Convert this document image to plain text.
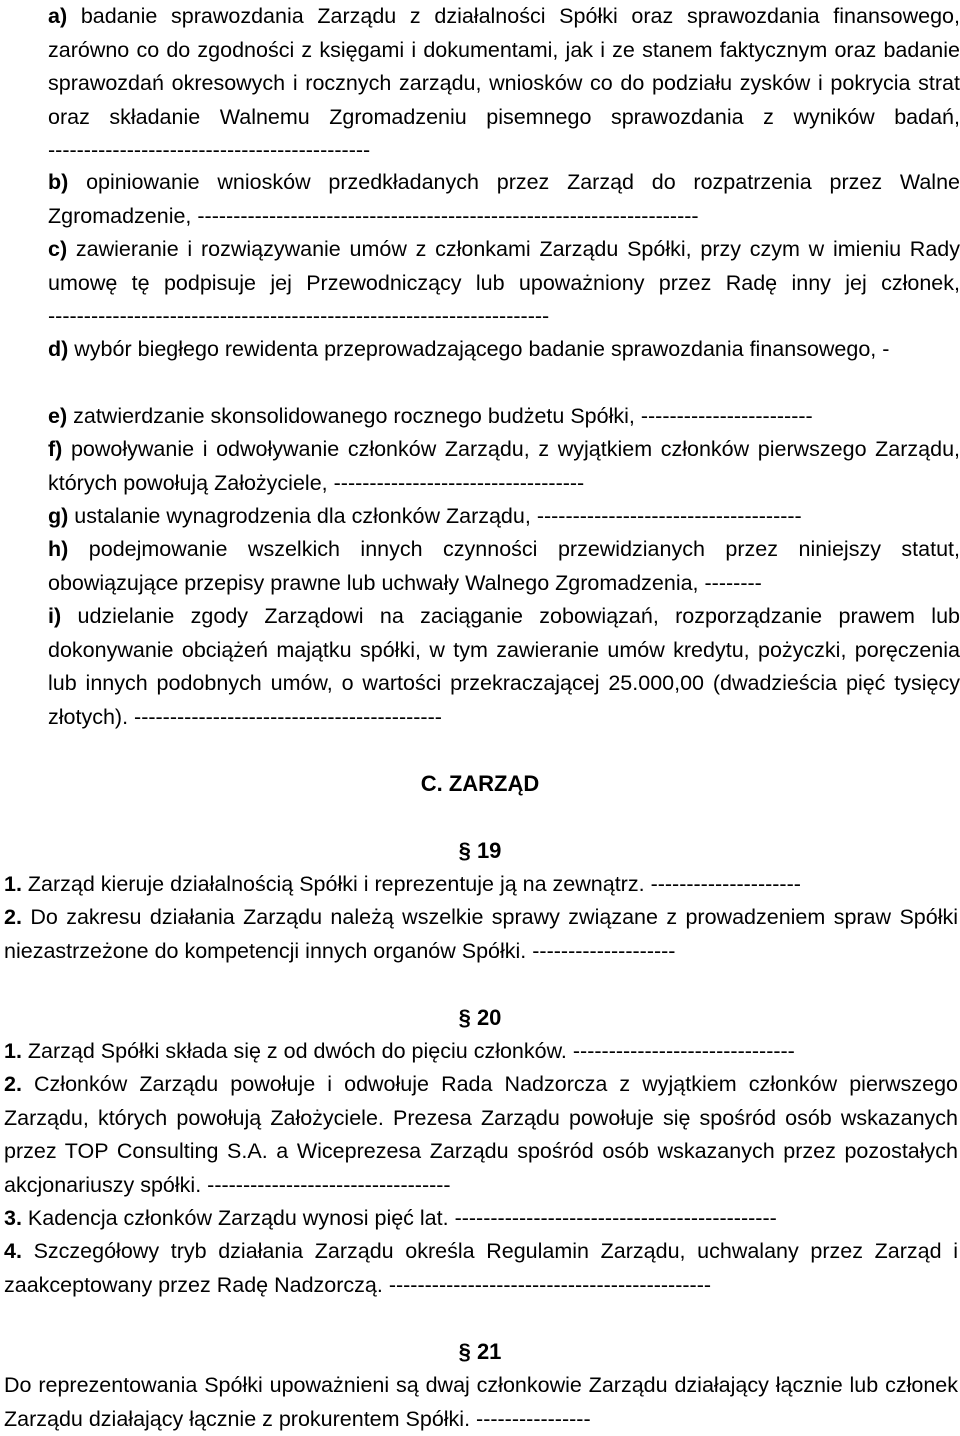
a) badanie sprawozdania Zarządu z działalności Spółki oraz sprawozdania finansowego, zarówno co do zgodności z księgami i dokumentami, jak i ze stanem faktycznym oraz badanie sprawozdań okresowych i rocznych zarządu, wniosków co do podziału zysków i pokrycia strat oraz składanie Walnemu Zgromadzeniu pisemnego sprawozdania z wyników badań, ---------------------------------------------
b) opiniowanie wniosków przedkładanych przez Zarząd do rozpatrzenia przez Walne Zgromadzenie, ----------------------------------------------------------------------
c) zawieranie i rozwiązywanie umów z członkami Zarządu Spółki, przy czym w imieniu Rady umowę tę podpisuje jej Przewodniczący lub upoważniony przez Radę inny jej członek, ----------------------------------------------------------------------
d) wybór biegłego rewidenta przeprowadzającego badanie sprawozdania finansowego, -
e) zatwierdzanie skonsolidowanego rocznego budżetu Spółki, ------------------------
f) powoływanie i odwoływanie członków Zarządu, z wyjątkiem członków pierwszego Zarządu, których powołują Założyciele, -----------------------------------
g) ustalanie wynagrodzenia dla członków Zarządu, -------------------------------------
h) podejmowanie wszelkich innych czynności przewidzianych przez niniejszy statut, obowiązujące przepisy prawne lub uchwały Walnego Zgromadzenia, --------
i) udzielanie zgody Zarządowi na zaciąganie zobowiązań, rozporządzanie prawem lub dokonywanie obciążeń majątku spółki, w tym zawieranie umów kredytu, pożyczki, poręczenia lub innych podobnych umów, o wartości przekraczającej 25.000,00 (dwadzieścia pięć tysięcy złotych). -------------------------------------------
C. ZARZĄD
§ 19
1. Zarząd kieruje działalnością Spółki i reprezentuje ją na zewnątrz. ---------------------
2. Do zakresu działania Zarządu należą wszelkie sprawy związane z prowadzeniem spraw Spółki niezastrzeżone do kompetencji innych organów Spółki. --------------------
§ 20
1. Zarząd Spółki składa się z od dwóch do pięciu członków. -------------------------------
2. Członków Zarządu powołuje i odwołuje Rada Nadzorcza z wyjątkiem członków pierwszego Zarządu, których powołują Założyciele. Prezesa Zarządu powołuje się spośród osób wskazanych przez TOP Consulting S.A. a Wiceprezesa Zarządu spośród osób wskazanych przez pozostałych akcjonariuszy spółki. ----------------------------------
3. Kadencja członków Zarządu wynosi pięć lat. ---------------------------------------------
4. Szczegółowy tryb działania Zarządu określa Regulamin Zarządu, uchwalany przez Zarząd i zaakceptowany przez Radę Nadzorczą. ---------------------------------------------
§ 21
Do reprezentowania Spółki upoważnieni są dwaj członkowie Zarządu działający łącznie lub członek Zarządu działający łącznie z prokurentem Spółki. ----------------
